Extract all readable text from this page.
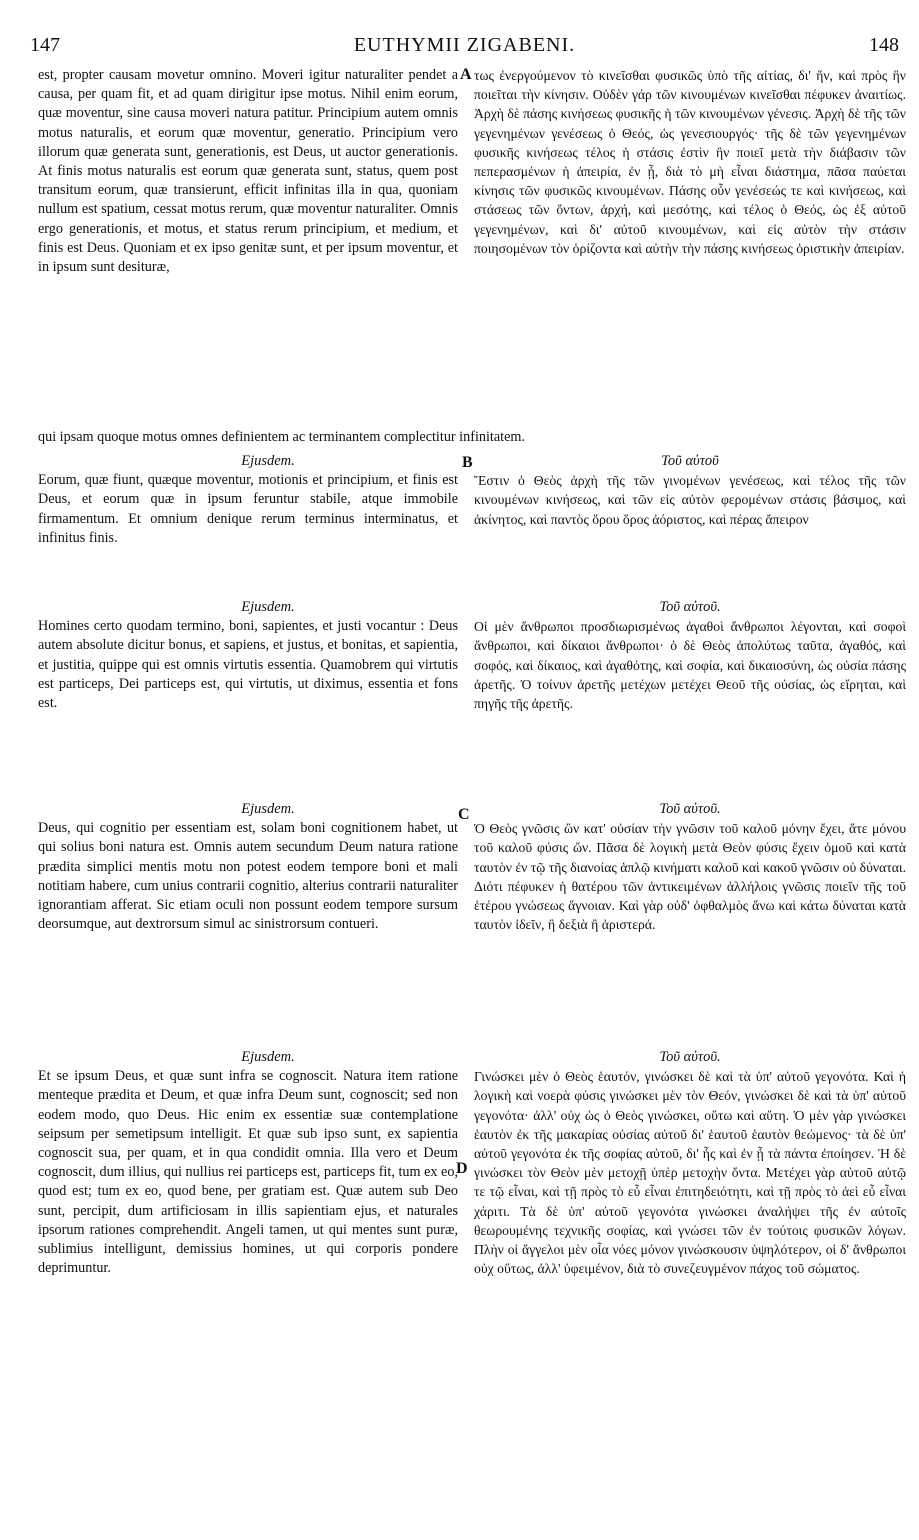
147	EUTHYMII ZIGABENI.	148

est, propter causam movetur omnino. Moveri igitur naturaliter pendet a causa, per quam fit, et ad quam dirigitur ipse motus. Nihil enim eorum, quæ moventur, sine causa moveri natura patitur. Principium autem omnis motus naturalis, et eorum quæ moventur, generatio. Principium vero illorum quæ generata sunt, generationis, est Deus, ut auctor generationis. At finis motus naturalis est eorum quæ generata sunt, status, quem post transitum eorum, quæ transierunt, efficit infinitas illa in qua, quoniam nullum est spatium, cessat motus rerum, quæ moventur naturaliter. Omnis ergo generationis, et motus, et status rerum principium, et medium, et finis est Deus. Quoniam et ex ipso genitæ sunt, et per ipsum moventur, et in ipsum sunt desituræ,

τως ἐνεργούμενον τὸ κινεῖσθαι φυσικῶς ὑπὸ τῆς αἰτίας, δι' ἥν, καὶ πρὸς ἣν ποιεῖται τὴν κίνησιν. Οὐδὲν γάρ τῶν κινουμένων κινεῖσθαι πέφυκεν ἀναιτίως. Ἀρχὴ δὲ πάσης κινήσεως φυσικῆς ἡ τῶν κινουμένων γένεσις. Ἀρχὴ δὲ τῆς τῶν γεγενημένων γενέσεως ὁ Θεός, ὡς γενεσιουργός· τῆς δὲ τῶν γεγενημένων φυσικῆς κινήσεως τέλος ἡ στάσις ἐστὶν ἣν ποιεῖ μετὰ τὴν διάβασιν τῶν πεπερασμένων ἡ ἀπειρία, ἐν ᾗ, διὰ τὸ μὴ εἶναι διάστημα, πᾶσα παύεται κίνησις τῶν φυσικῶς κινουμένων. Πάσης οὖν γενέσεώς τε καὶ κινήσεως, καὶ στάσεως τῶν ὄντων, ἀρχή, καὶ μεσότης, καὶ τέλος ὁ Θεός, ὡς ἐξ αὐτοῦ γεγενημένων, καὶ δι' αὐτοῦ κινουμένων, καὶ εἰς αὐτὸν τὴν στάσιν ποιησομένων τὸν ὁρίζοντα καὶ αὐτὴν τὴν πάσης κινήσεως ὁριστικὴν ἀπειρίαν.

A
qui ipsam quoque motus omnes definientem ac terminantem complectitur infinitatem.
B
C
D

Ejusdem.

Eorum, quæ fiunt, quæque moventur, motionis et principium, et finis est Deus, et eorum quæ in ipsum feruntur stabile, atque immobile firmamentum. Et omnium denique rerum terminus interminatus, et infinitus finis.

Τοῦ αὐτοῦ

Ἔστιν ὁ Θεὸς ἀρχὴ τῆς τῶν γινομένων γενέσεως, καὶ τέλος τῆς τῶν κινουμένων κινήσεως, καὶ τῶν εἰς αὐτὸν φερομένων στάσις βάσιμος, καὶ ἀκίνητος, καὶ παντὸς ὅρου ὅρος ἀόριστος, καὶ πέρας ἄπειρον

Ejusdem.

Homines certo quodam termino, boni, sapientes, et justi vocantur : Deus autem absolute dicitur bonus, et sapiens, et justus, et bonitas, et sapientia, et justitia, quippe qui est omnis virtutis essentia. Quamobrem qui virtutis est particeps, Dei particeps est, qui virtutis, ut diximus, essentia et fons est.

Τοῦ αὐτοῦ.

Οἱ μὲν ἄνθρωποι προσδιωρισμένως ἀγαθοὶ ἄνθρωποι λέγονται, καὶ σοφοὶ ἄνθρωποι, καὶ δίκαιοι ἄνθρωποι· ὁ δὲ Θεὸς ἀπολύτως ταῦτα, ἀγαθός, καὶ σοφός, καὶ δίκαιος, καὶ ἀγαθότης, καὶ σοφία, καὶ δικαιοσύνη, ὡς οὐσία πάσης ἀρετῆς. Ὁ τοίνυν ἀρετῆς μετέχων μετέχει Θεοῦ τῆς οὐσίας, ὡς εἴρηται, καὶ πηγῆς τῆς ἀρετῆς.

Ejusdem.

Deus, qui cognitio per essentiam est, solam boni cognitionem habet, ut qui solius boni natura est. Omnis autem secundum Deum natura ratione prædita simplici mentis motu non potest eodem tempore boni et mali notitiam habere, cum unius contrarii cognitio, alterius contrarii naturaliter ignorantiam afferat. Sic etiam oculi non possunt eodem tempore sursum deorsumque, aut dextrorsum simul ac sinistrorsum contueri.

Τοῦ αὐτοῦ.

Ὁ Θεὸς γνῶσις ὢν κατ' οὐσίαν τὴν γνῶσιν τοῦ καλοῦ μόνην ἔχει, ἅτε μόνου τοῦ καλοῦ φύσις ὤν. Πᾶσα δὲ λογικὴ μετὰ Θεὸν φύσις ἔχειν ὁμοῦ καὶ κατὰ ταυτὸν ἐν τῷ τῆς διανοίας ἁπλῷ κινήματι καλοῦ καὶ κακοῦ γνῶσιν οὐ δύναται. Διότι πέφυκεν ἡ θατέρου τῶν ἀντικειμένων ἀλλήλοις γνῶσις ποιεῖν τῆς τοῦ ἑτέρου γνώσεως ἄγνοιαν. Καὶ γὰρ οὐδ' ὀφθαλμὸς ἄνω καὶ κάτω δύναται κατὰ ταυτὸν ἰδεῖν, ἢ δεξιὰ ἢ ἀριστερά.

Ejusdem.

Et se ipsum Deus, et quæ sunt infra se cognoscit. Natura item ratione menteque prædita et Deum, et quæ infra Deum sunt, cognoscit; sed non eodem modo, quo Deus. Hic enim ex essentiæ suæ contemplatione seipsum per semetipsum intelligit. Et quæ sub ipso sunt, ex sapientia cognoscit sua, per quam, et in qua condidit omnia. Illa vero et Deum cognoscit, dum illius, qui nullius rei particeps est, particeps fit, tum ex eo, quod est; tum ex eo, quod bene, per gratiam est. Quæ autem sub Deo sunt, percipit, dum artificiosam in illis sapientiam ejus, et naturales ipsorum rationes comprehendit. Angeli tamen, ut qui mentes sunt puræ, sublimius intelligunt, demissius homines, ut qui corporis pondere deprimuntur.

Τοῦ αὐτοῦ.

Γινώσκει μὲν ὁ Θεὸς ἑαυτόν, γινώσκει δὲ καὶ τὰ ὑπ' αὐτοῦ γεγονότα. Καὶ ἡ λογικὴ καὶ νοερὰ φύσις γινώσκει μὲν τὸν Θεόν, γινώσκει δὲ καὶ τὰ ὑπ' αὐτοῦ γεγονότα· ἀλλ' οὐχ ὡς ὁ Θεὸς γινώσκει, οὕτω καὶ αὕτη. Ὁ μὲν γὰρ γινώσκει ἑαυτὸν ἐκ τῆς μακαρίας οὐσίας αὐτοῦ δι' ἑαυτοῦ ἑαυτὸν θεώμενος· τὰ δὲ ὑπ' αὐτοῦ γεγονότα ἐκ τῆς σοφίας αὐτοῦ, δι' ἧς καὶ ἐν ᾗ τὰ πάντα ἐποίησεν. Ἡ δὲ γινώσκει τὸν Θεὸν μὲν μετοχῇ ὑπὲρ μετοχὴν ὄντα. Μετέχει γὰρ αὐτοῦ αὐτῷ τε τῷ εἶναι, καὶ τῇ πρὸς τὸ εὖ εἶναι ἐπιτηδειότητι, καὶ τῇ πρὸς τὸ ἀεὶ εὖ εἶναι χάριτι. Τὰ δὲ ὑπ' αὐτοῦ γεγονότα γινώσκει ἀναλήψει τῆς ἐν αὐτοῖς θεωρουμένης τεχνικῆς σοφίας, καὶ γνώσει τῶν ἐν τούτοις φυσικῶν λόγων. Πλὴν οἱ ἄγγελοι μὲν οἷα νόες μόνον γινώσκουσιν ὑψηλότερον, οἱ δ' ἄνθρωποι οὐχ οὕτως, ἀλλ' ὑφειμένον, διὰ τὸ συνεζευγμένον πάχος τοῦ σώματος.
